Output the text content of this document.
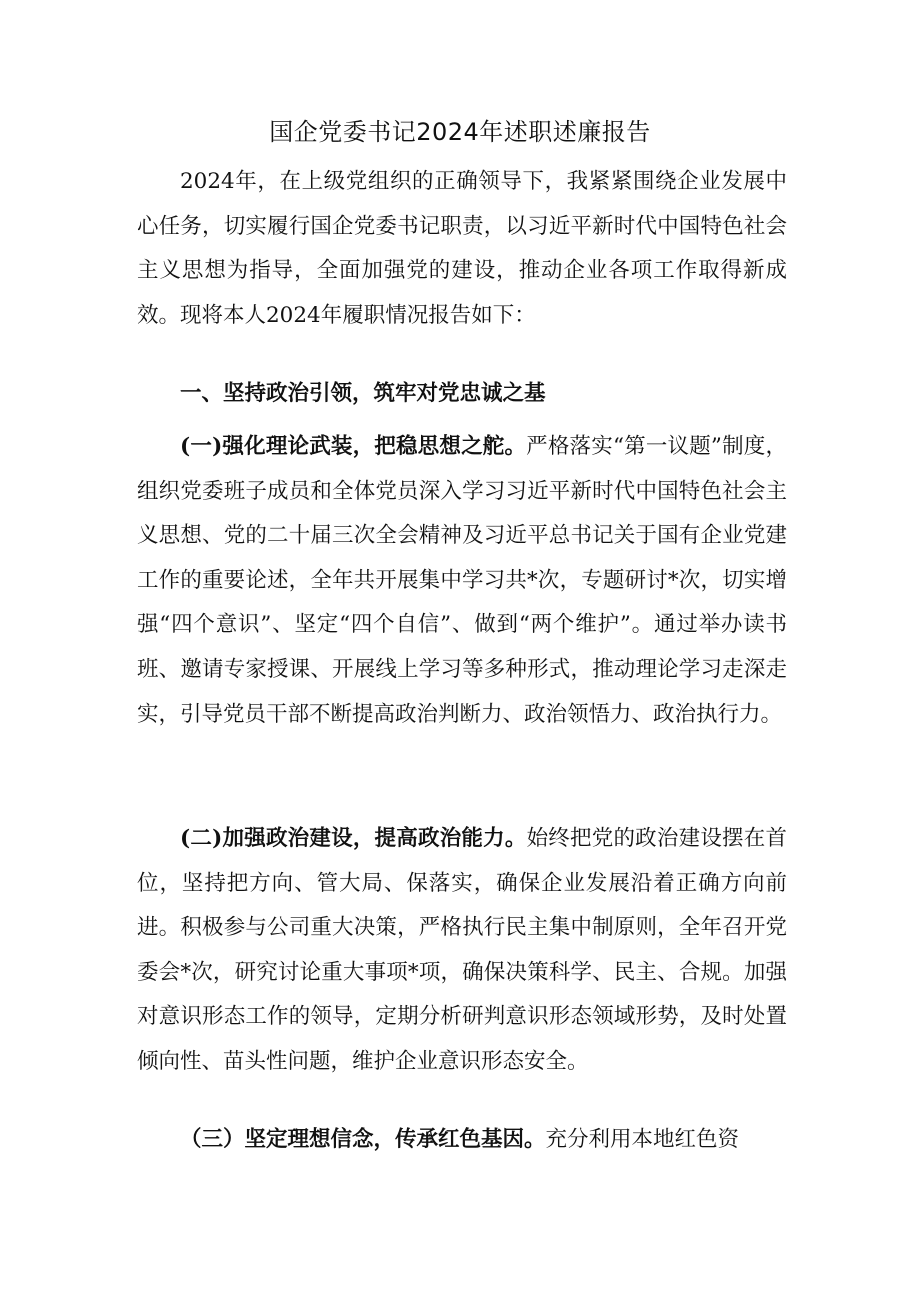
国企党委书记2024年述职述廉报告

2024年，在上级党组织的正确领导下，我紧紧围绕企业发展中心任务，切实履行国企党委书记职责，以习近平新时代中国特色社会主义思想为指导，全面加强党的建设，推动企业各项工作取得新成效。现将本人2024年履职情况报告如下：

一、坚持政治引领，筑牢对党忠诚之基

(一)强化理论武装，把稳思想之舵。严格落实“第一议题”制度，组织党委班子成员和全体党员深入学习习近平新时代中国特色社会主义思想、党的二十届三次全会精神及习近平总书记关于国有企业党建工作的重要论述，全年共开展集中学习共*次，专题研讨*次，切实增强“四个意识”、坚定“四个自信”、做到“两个维护”。通过举办读书班、邀请专家授课、开展线上学习等多种形式，推动理论学习走深走实，引导党员干部不断提高政治判断力、政治领悟力、政治执行力。

(二)加强政治建设，提高政治能力。始终把党的政治建设摆在首位，坚持把方向、管大局、保落实，确保企业发展沿着正确方向前进。积极参与公司重大决策，严格执行民主集中制原则，全年召开党委会*次，研究讨论重大事项*项，确保决策科学、民主、合规。加强对意识形态工作的领导，定期分析研判意识形态领域形势，及时处置倾向性、苗头性问题，维护企业意识形态安全。

（三）坚定理想信念，传承红色基因。充分利用本地红色资
